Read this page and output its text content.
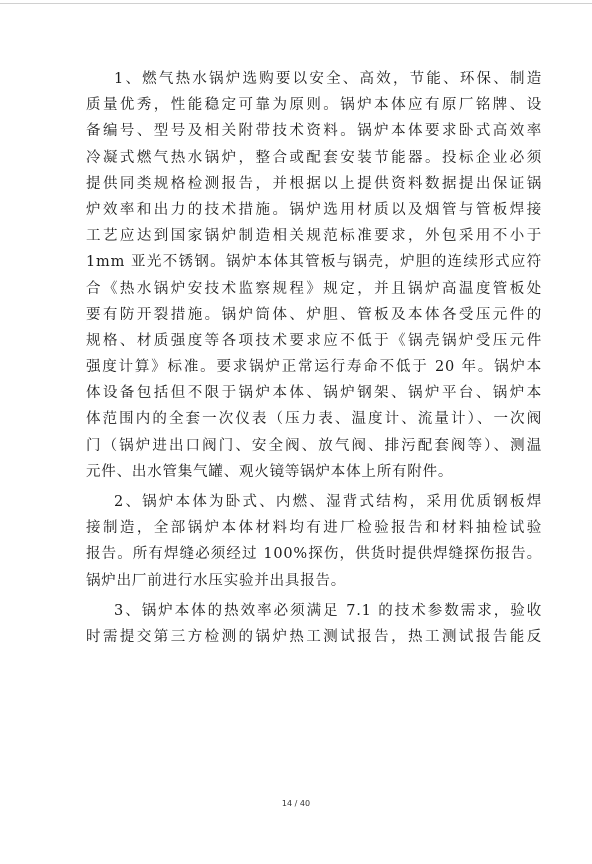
1、燃气热水锅炉选购要以安全、高效，节能、环保、制造
质量优秀，性能稳定可靠为原则。锅炉本体应有原厂铭牌、设
备编号、型号及相关附带技术资料。锅炉本体要求卧式高效率
冷凝式燃气热水锅炉，整合或配套安装节能器。投标企业必须
提供同类规格检测报告，并根据以上提供资料数据提出保证锅
炉效率和出力的技术措施。锅炉选用材质以及烟管与管板焊接
工艺应达到国家锅炉制造相关规范标准要求，外包采用不小于
1mm 亚光不锈钢。锅炉本体其管板与锅壳，炉胆的连续形式应符
合《热水锅炉安技术监察规程》规定，并且锅炉高温度管板处
要有防开裂措施。锅炉筒体、炉胆、管板及本体各受压元件的
规格、材质强度等各项技术要求应不低于《锅壳锅炉受压元件
强度计算》标准。要求锅炉正常运行寿命不低于 20 年。锅炉本
体设备包括但不限于锅炉本体、锅炉钢架、锅炉平台、锅炉本
体范围内的全套一次仪表（压力表、温度计、流量计）、一次阀
门（锅炉进出口阀门、安全阀、放气阀、排污配套阀等）、测温
元件、出水管集气罐、观火镜等锅炉本体上所有附件。
2、锅炉本体为卧式、内燃、湿背式结构，采用优质钢板焊
接制造，全部锅炉本体材料均有进厂检验报告和材料抽检试验
报告。所有焊缝必须经过 100%探伤，供货时提供焊缝探伤报告。
锅炉出厂前进行水压实验并出具报告。
3、锅炉本体的热效率必须满足 7.1 的技术参数需求，验收
时需提交第三方检测的锅炉热工测试报告，热工测试报告能反
14 / 40
